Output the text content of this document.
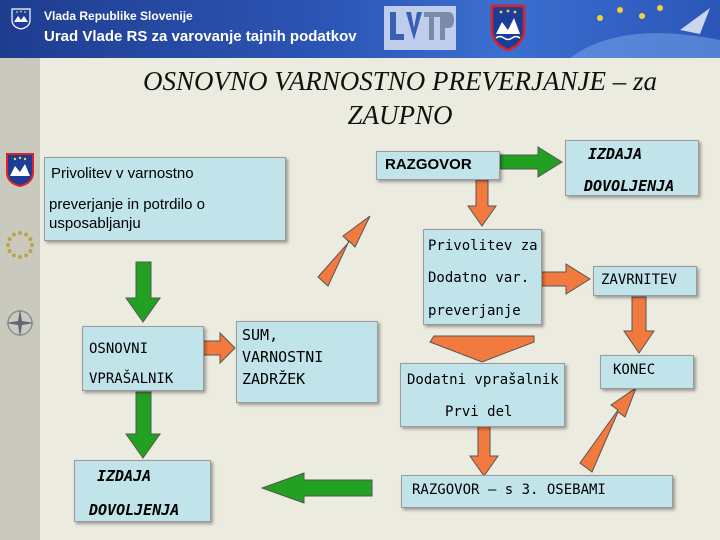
Vlada Republike Slovenije
Urad Vlade RS za varovanje tajnih podatkov
OSNOVNO VARNOSTNO PREVERJANJE – za
ZAUPNO
Privolitev v varnostno
preverjanje in potrdilo o
usposabljanju
RAZGOVOR
IZDAJA
DOVOLJENJA
Privolitev za
Dodatno var.
preverjanje
ZAVRNITEV
OSNOVNI
VPRAŠALNIK
SUM,
VARNOSTNI
ZADRŽEK	Dodatni vprašalnik
Prvi del
KONEC
IZDAJA
DOVOLJENJA
RAZGOVOR – s 3. OSEBAMI
